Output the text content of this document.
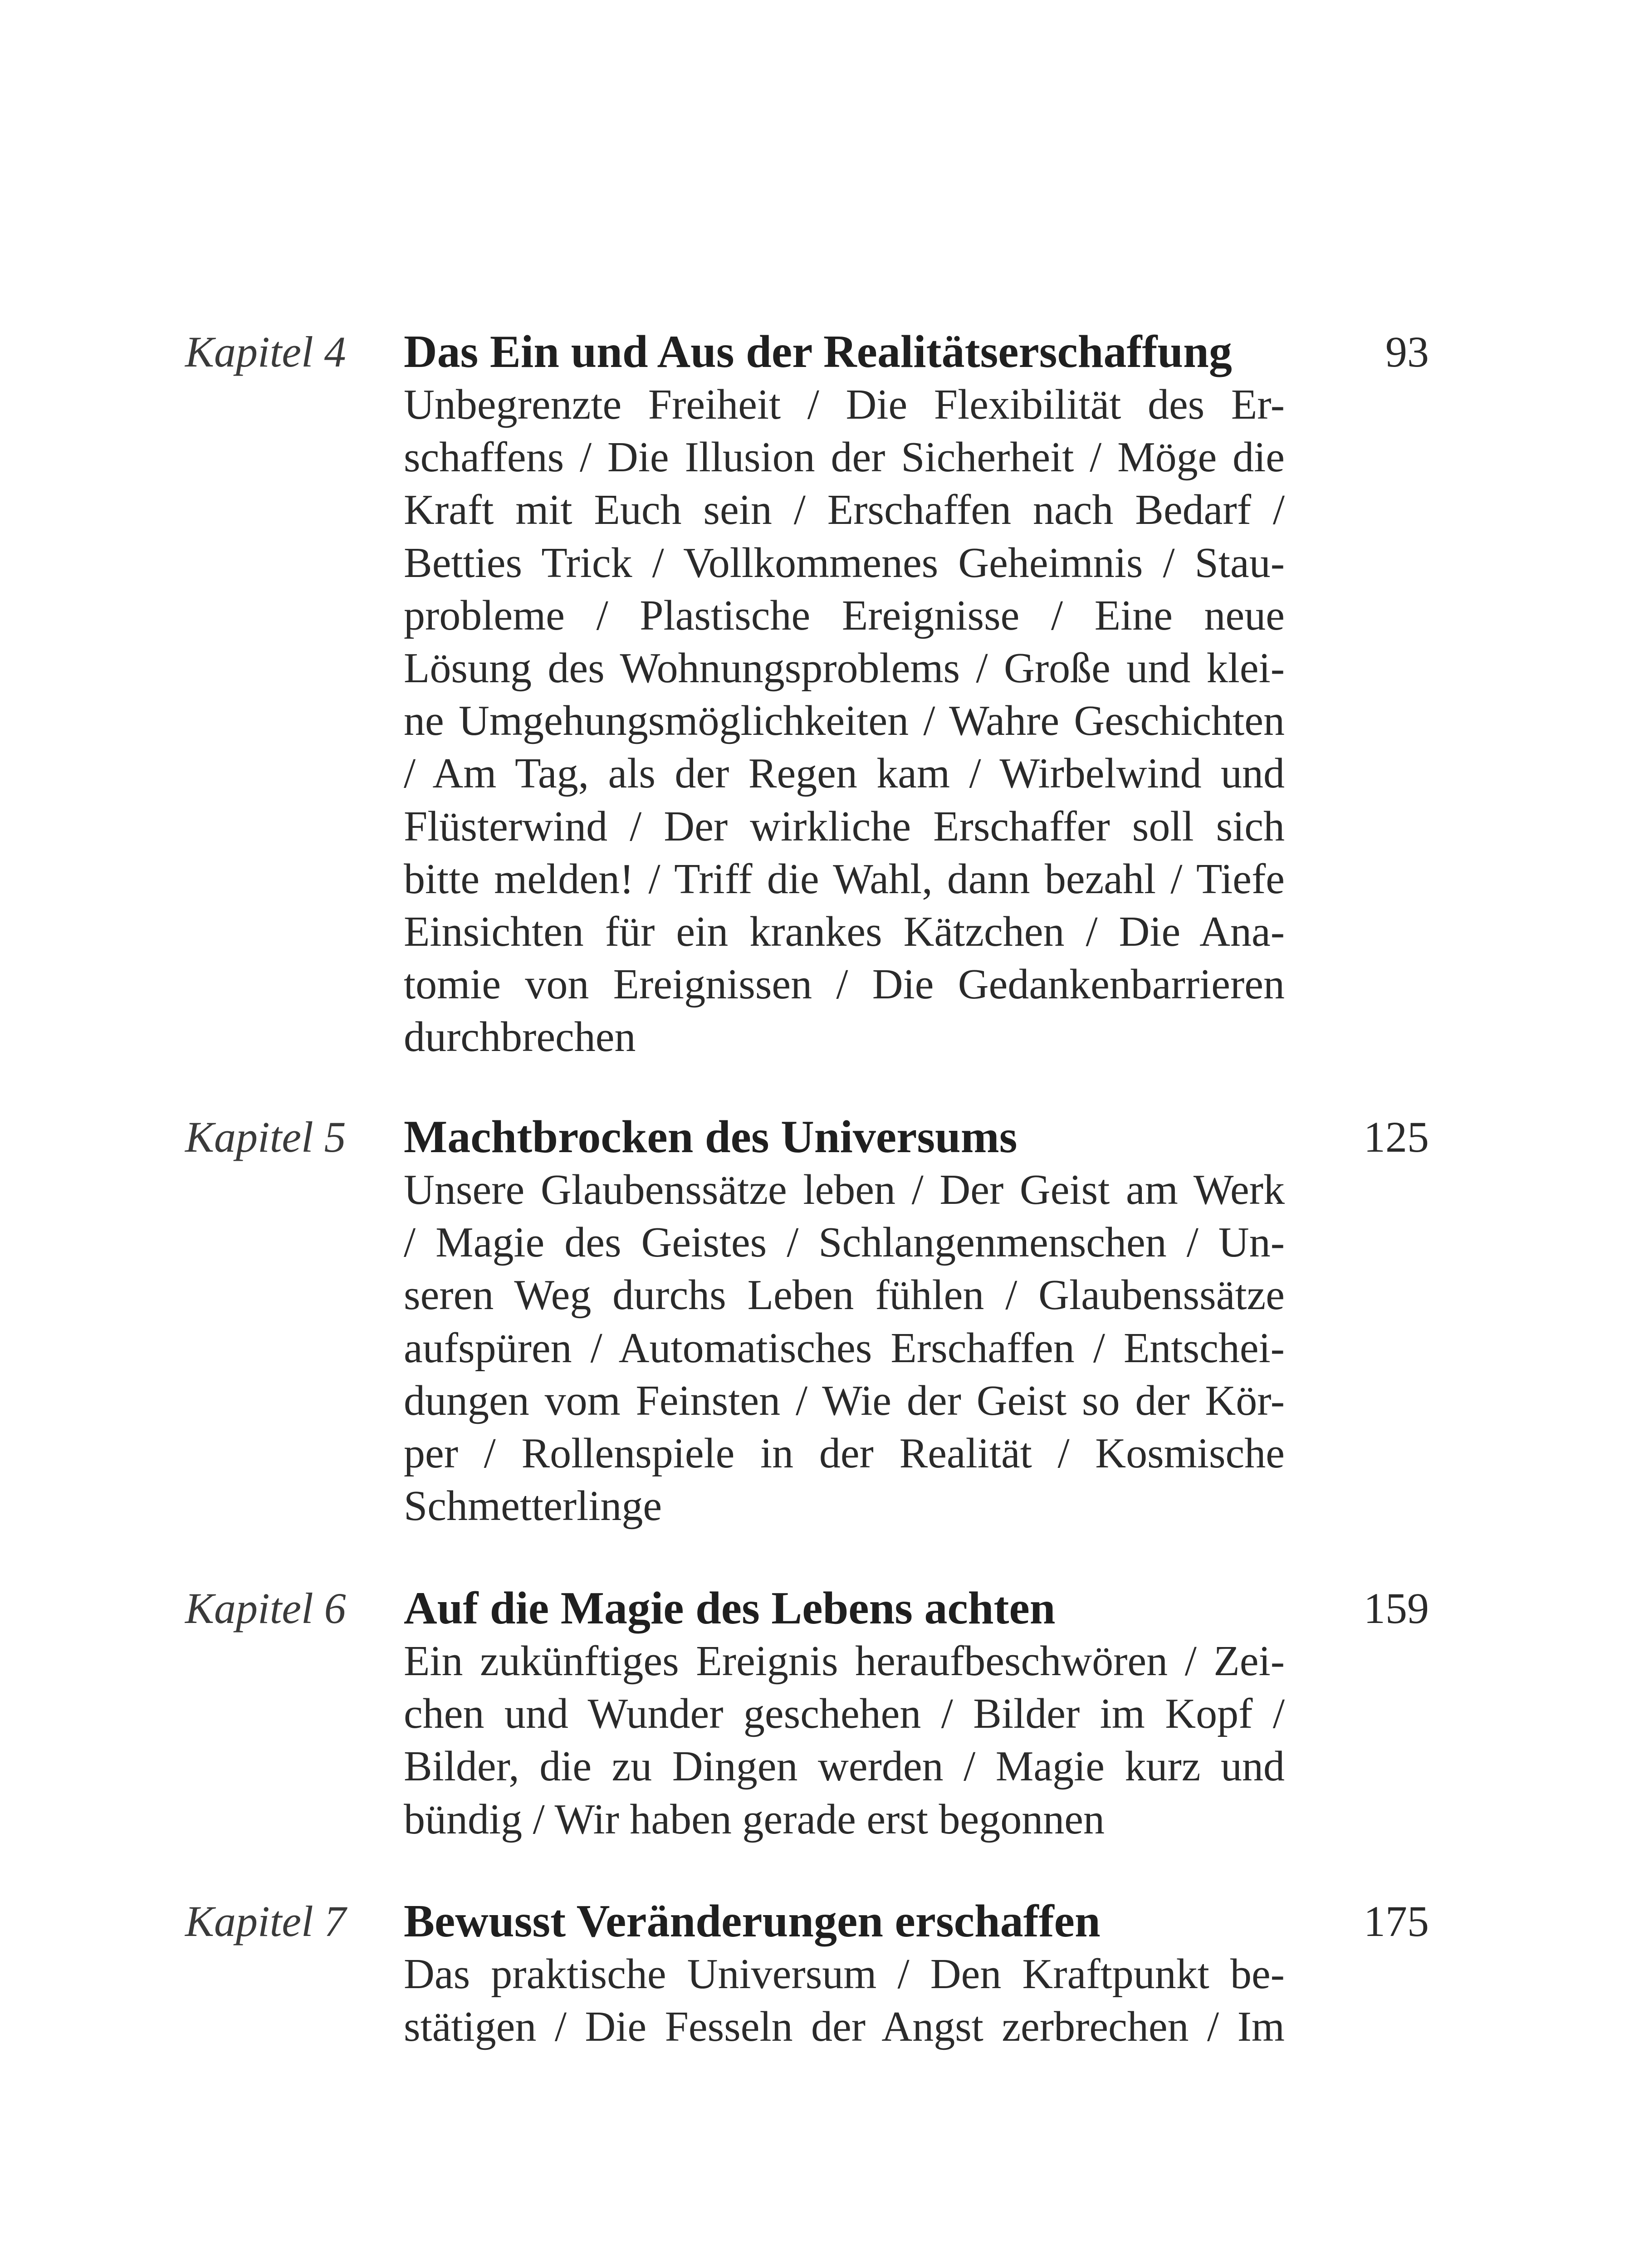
Kapitel 4 Das Ein und Aus der Realitätserschaffung	93
Unbegrenzte Freiheit / Die Flexibilität des Er-
schaffens / Die Illusion der Sicherheit / Möge die
Kraft mit Euch sein / Erschaffen nach Bedarf /
Betties Trick / Vollkommenes Geheimnis / Stau-
probleme / Plastische Ereignisse / Eine neue
Lösung des Wohnungsproblems / Große und klei-
ne Umgehungsmöglichkeiten / Wahre Geschichten
/ Am Tag, als der Regen kam / Wirbelwind und
Flüsterwind / Der wirkliche Erschaffer soll sich
bitte melden! / Triff die Wahl, dann bezahl / Tiefe
Einsichten für ein krankes Kätzchen / Die Ana-
tomie von Ereignissen / Die Gedankenbarrieren
durchbrechen
Kapitel 5 Machtbrocken des Universums	125
Unsere Glaubenssätze leben / Der Geist am Werk
/ Magie des Geistes / Schlangenmenschen / Un-
seren Weg durchs Leben fühlen / Glaubenssätze
aufspüren / Automatisches Erschaffen / Entschei-
dungen vom Feinsten / Wie der Geist so der Kör-
per / Rollenspiele in der Realität / Kosmische
Schmetterlinge
Kapitel 6 Auf die Magie des Lebens achten	159
Ein zukünftiges Ereignis heraufbeschwören / Zei-
chen und Wunder geschehen / Bilder im Kopf /
Bilder, die zu Dingen werden / Magie kurz und
bündig / Wir haben gerade erst begonnen
Kapitel 7 Bewusst Veränderungen erschaffen	175
Das praktische Universum / Den Kraftpunkt be-
stätigen / Die Fesseln der Angst zerbrechen / Im
